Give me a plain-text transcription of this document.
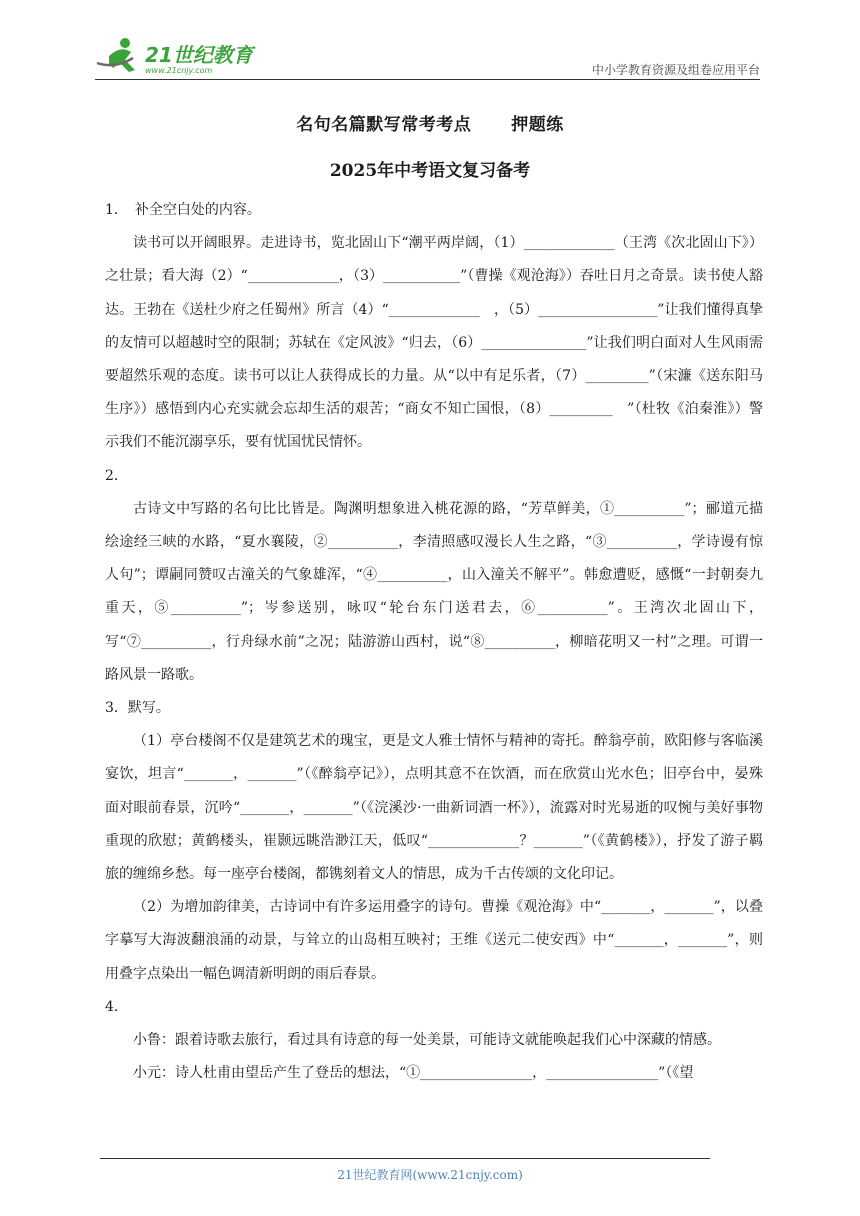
21世纪教育
www.21cnjy.com	中小学教育资源及组卷应用平台
名句名篇默写常考考点 押题练
2025年中考语文复习备考

1．　补全空白处的内容。

读书可以开阔眼界。走进诗书，览北固山下“潮平两岸阔，（1）_____________（王湾《次北固山下》）之壮景；看大海（2）“_____________，（3）___________”（曹操《观沧海》）吞吐日月之奇景。读书使人豁达。王勃在《送杜少府之任蜀州》所言（4）“_____________　，（5）_________________”让我们懂得真挚的友情可以超越时空的限制；苏轼在《定风波》“归去，（6）_______________”让我们明白面对人生风雨需要超然乐观的态度。读书可以让人获得成长的力量。从“以中有足乐者，（7）_________”（宋濂《送东阳马生序》）感悟到内心充实就会忘却生活的艰苦；“商女不知亡国恨，（8）_________　”（杜牧《泊秦淮》）警示我们不能沉溺享乐，要有忧国忧民情怀。

2．

古诗文中写路的名句比比皆是。陶渊明想象进入桃花源的路，“芳草鲜美，①__________”；郦道元描绘途经三峡的水路，“夏水襄陵，②__________，李清照感叹漫长人生之路，“③__________，学诗谩有惊人句”；谭嗣同赞叹古潼关的气象雄浑，“④__________，山入潼关不解平”。韩愈遭贬，感慨“一封朝奏九重天，⑤__________”；岑参送别，咏叹“轮台东门送君去，⑥__________”。王湾次北固山下，写“⑦__________，行舟绿水前”之况；陆游游山西村，说“⑧__________，柳暗花明又一村”之理。可谓一路风景一路歌。

3．默写。

（1）亭台楼阁不仅是建筑艺术的瑰宝，更是文人雅士情怀与精神的寄托。醉翁亭前，欧阳修与客临溪宴饮，坦言“_______，_______”（《醉翁亭记》），点明其意不在饮酒，而在欣赏山光水色；旧亭台中，晏殊面对眼前春景，沉吟“_______，_______”（《浣溪沙·一曲新词酒一杯》），流露对时光易逝的叹惋与美好事物重现的欣慰；黄鹤楼头，崔颢远眺浩渺江天，低叹“_____________？_______”（《黄鹤楼》），抒发了游子羁旅的缠绵乡愁。每一座亭台楼阁，都镌刻着文人的情思，成为千古传颂的文化印记。

（2）为增加韵律美，古诗词中有许多运用叠字的诗句。曹操《观沧海》中“_______，_______”，以叠字摹写大海波翻浪涌的动景，与耸立的山岛相互映衬；王维《送元二使安西》中“_______，_______”，则用叠字点染出一幅色调清新明朗的雨后春景。

4．

小鲁：跟着诗歌去旅行，看过具有诗意的每一处美景，可能诗文就能唤起我们心中深藏的情感。

小元：诗人杜甫由望岳产生了登岳的想法，“①________________，________________”（《望

21世纪教育网(www.21cnjy.com)
